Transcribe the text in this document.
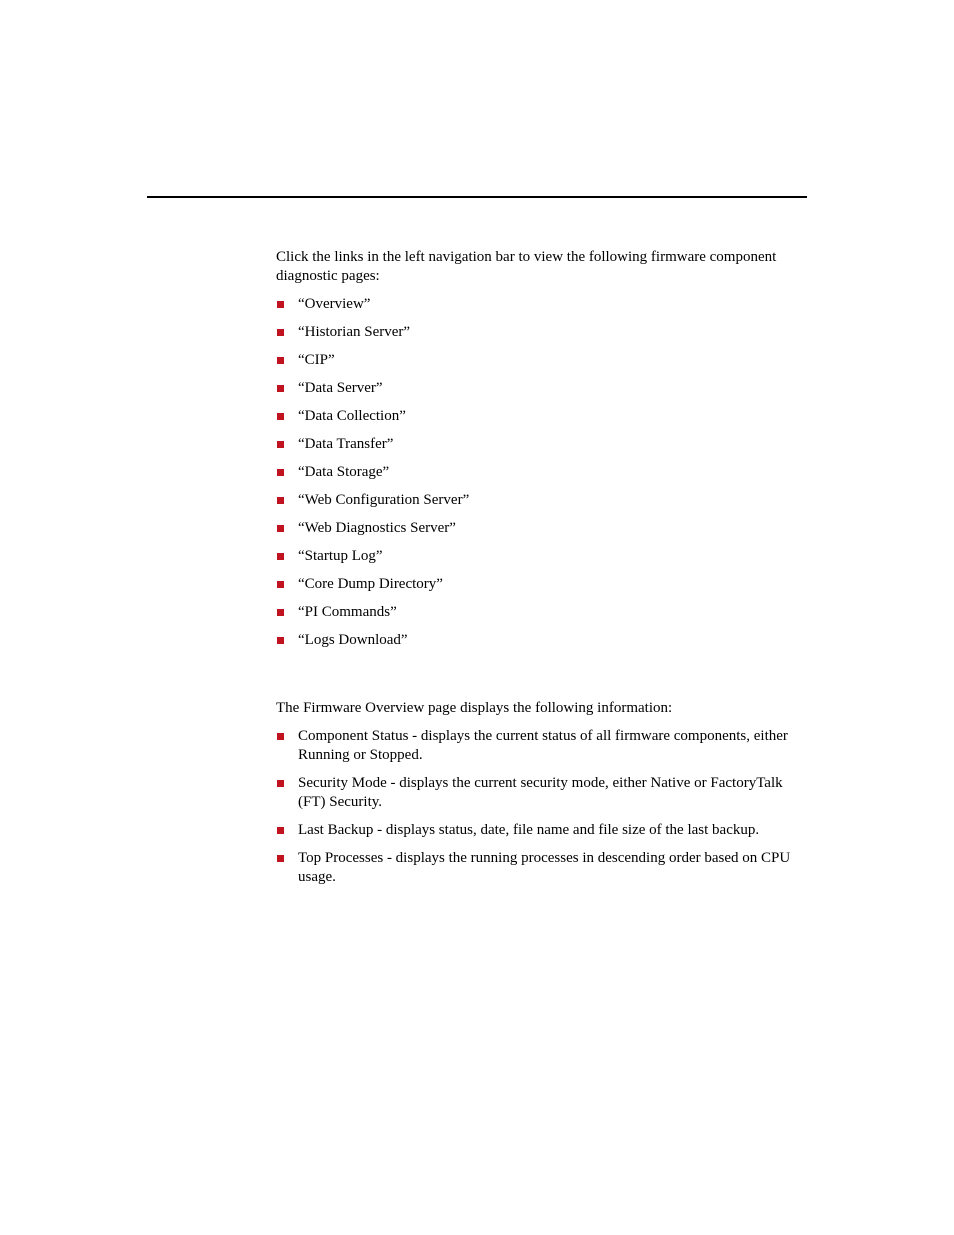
Click the links in the left navigation bar to view the following firmware component diagnostic pages:

“Overview”
“Historian Server”
“CIP”
“Data Server”
“Data Collection”
“Data Transfer”
“Data Storage”
“Web Configuration Server”
“Web Diagnostics Server”
“Startup Log”
“Core Dump Directory”
“PI Commands”
“Logs Download”

The Firmware Overview page displays the following information:

Component Status - displays the current status of all firmware components, either Running or Stopped.
Security Mode - displays the current security mode, either Native or FactoryTalk (FT) Security.
Last Backup - displays status, date, file name and file size of the last backup.
Top Processes - displays the running processes in descending order based on CPU usage.
